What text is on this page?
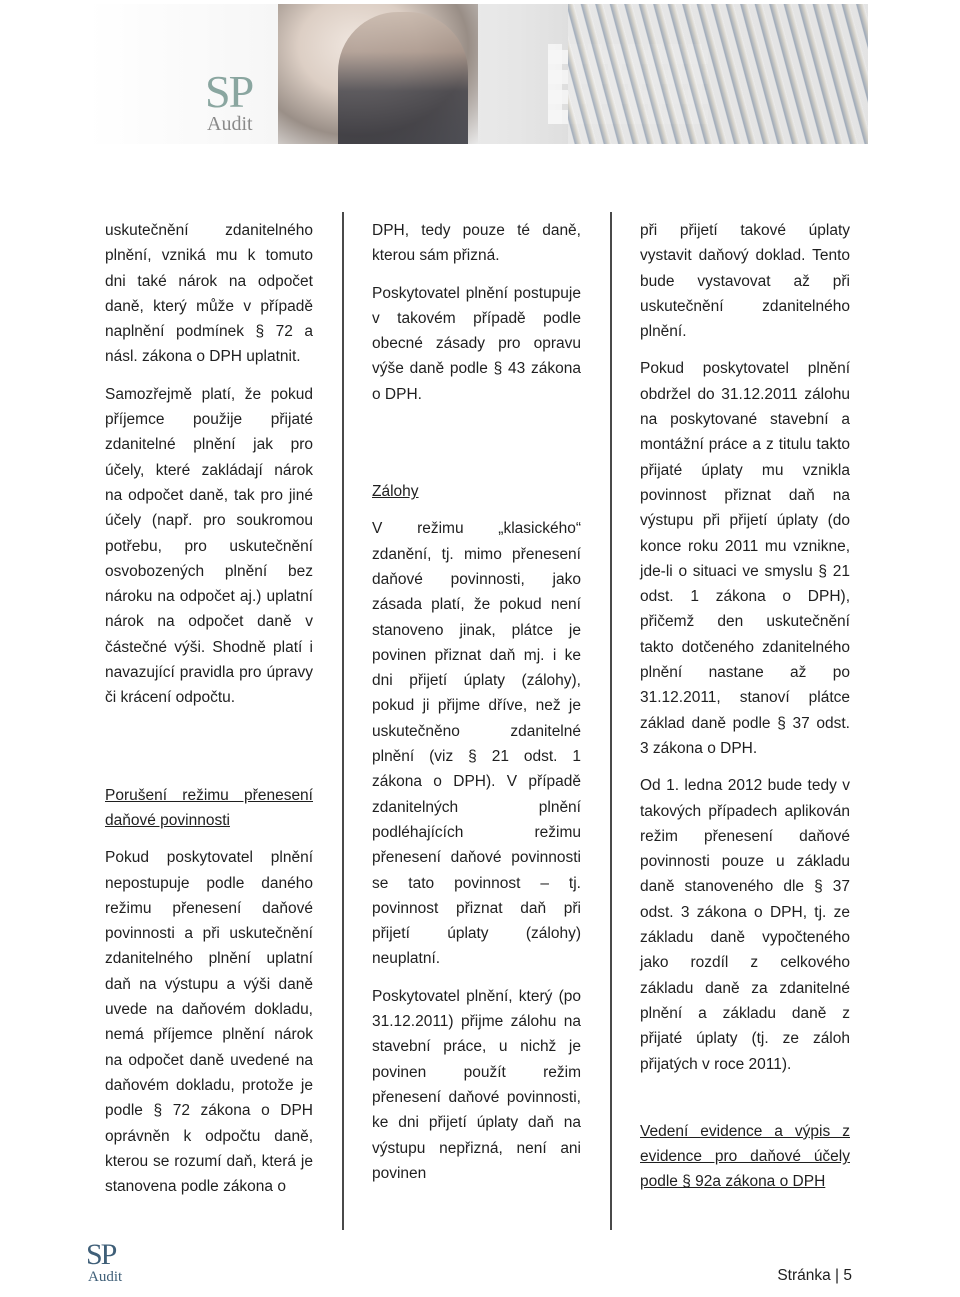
SP
Audit

uskutečnění zdanitelného plnění, vzniká mu k tomuto dni také nárok na odpočet daně, který může v případě naplnění podmínek § 72 a násl. zákona o DPH uplatnit.

Samozřejmě platí, že pokud příjemce použije přijaté zdanitelné plnění jak pro účely, které zakládají nárok na odpočet daně, tak pro jiné účely (např. pro soukromou potřebu, pro uskutečnění osvobozených plnění bez nároku na odpočet aj.) uplatní nárok na odpočet daně v částečné výši. Shodně platí i navazující pravidla pro úpravy či krácení odpočtu.

Porušení režimu přenesení daňové povinnosti

Pokud poskytovatel plnění nepostupuje podle daného režimu přenesení daňové povinnosti a při uskutečnění zdanitelného plnění uplatní daň na výstupu a výši daně uvede na daňovém dokladu, nemá příjemce plnění nárok na odpočet daně uvedené na daňovém dokladu, protože je podle § 72 zákona o DPH oprávněn k odpočtu daně, kterou se rozumí daň, která je stanovena podle zákona o

DPH, tedy pouze té daně, kterou sám přizná.

Poskytovatel plnění postupuje v takovém případě podle obecné zásady pro opravu výše daně podle § 43 zákona o DPH.

Zálohy

V režimu „klasického“ zdanění, tj. mimo přenesení daňové povinnosti, jako zásada platí, že pokud není stanoveno jinak, plátce je povinen přiznat daň mj. i ke dni přijetí úplaty (zálohy), pokud ji přijme dříve, než je uskutečněno zdanitelné plnění (viz § 21 odst. 1 zákona o DPH). V případě zdanitelných plnění podléhajících režimu přenesení daňové povinnosti se tato povinnost – tj. povinnost přiznat daň při přijetí úplaty (zálohy) neuplatní.

Poskytovatel plnění, který (po 31.12.2011) přijme zálohu na stavební práce, u nichž je povinen použít režim přenesení daňové povinnosti, ke dni přijetí úplaty daň na výstupu nepřizná, není ani povinen

při přijetí takové úplaty vystavit daňový doklad. Tento bude vystavovat až při uskutečnění zdanitelného plnění.

Pokud poskytovatel plnění obdržel do 31.12.2011 zálohu na poskytované stavební a montážní práce a z titulu takto přijaté úplaty mu vznikla povinnost přiznat daň na výstupu při přijetí úplaty (do konce roku 2011 mu vznikne, jde-li o situaci ve smyslu § 21 odst. 1 zákona o DPH), přičemž den uskutečnění takto dotčeného zdanitelného plnění nastane až po 31.12.2011, stanoví plátce základ daně podle § 37 odst. 3 zákona o DPH.

Od 1. ledna 2012 bude tedy v takových případech aplikován režim přenesení daňové povinnosti pouze u základu daně stanoveného dle § 37 odst. 3 zákona o DPH, tj. ze základu daně vypočteného jako rozdíl z celkového základu daně za zdanitelné plnění a základu daně z přijaté úplaty (tj. ze záloh přijatých v roce 2011).

Vedení evidence a výpis z evidence pro daňové účely podle § 92a zákona o DPH

SP
Audit	Stránka | 5
